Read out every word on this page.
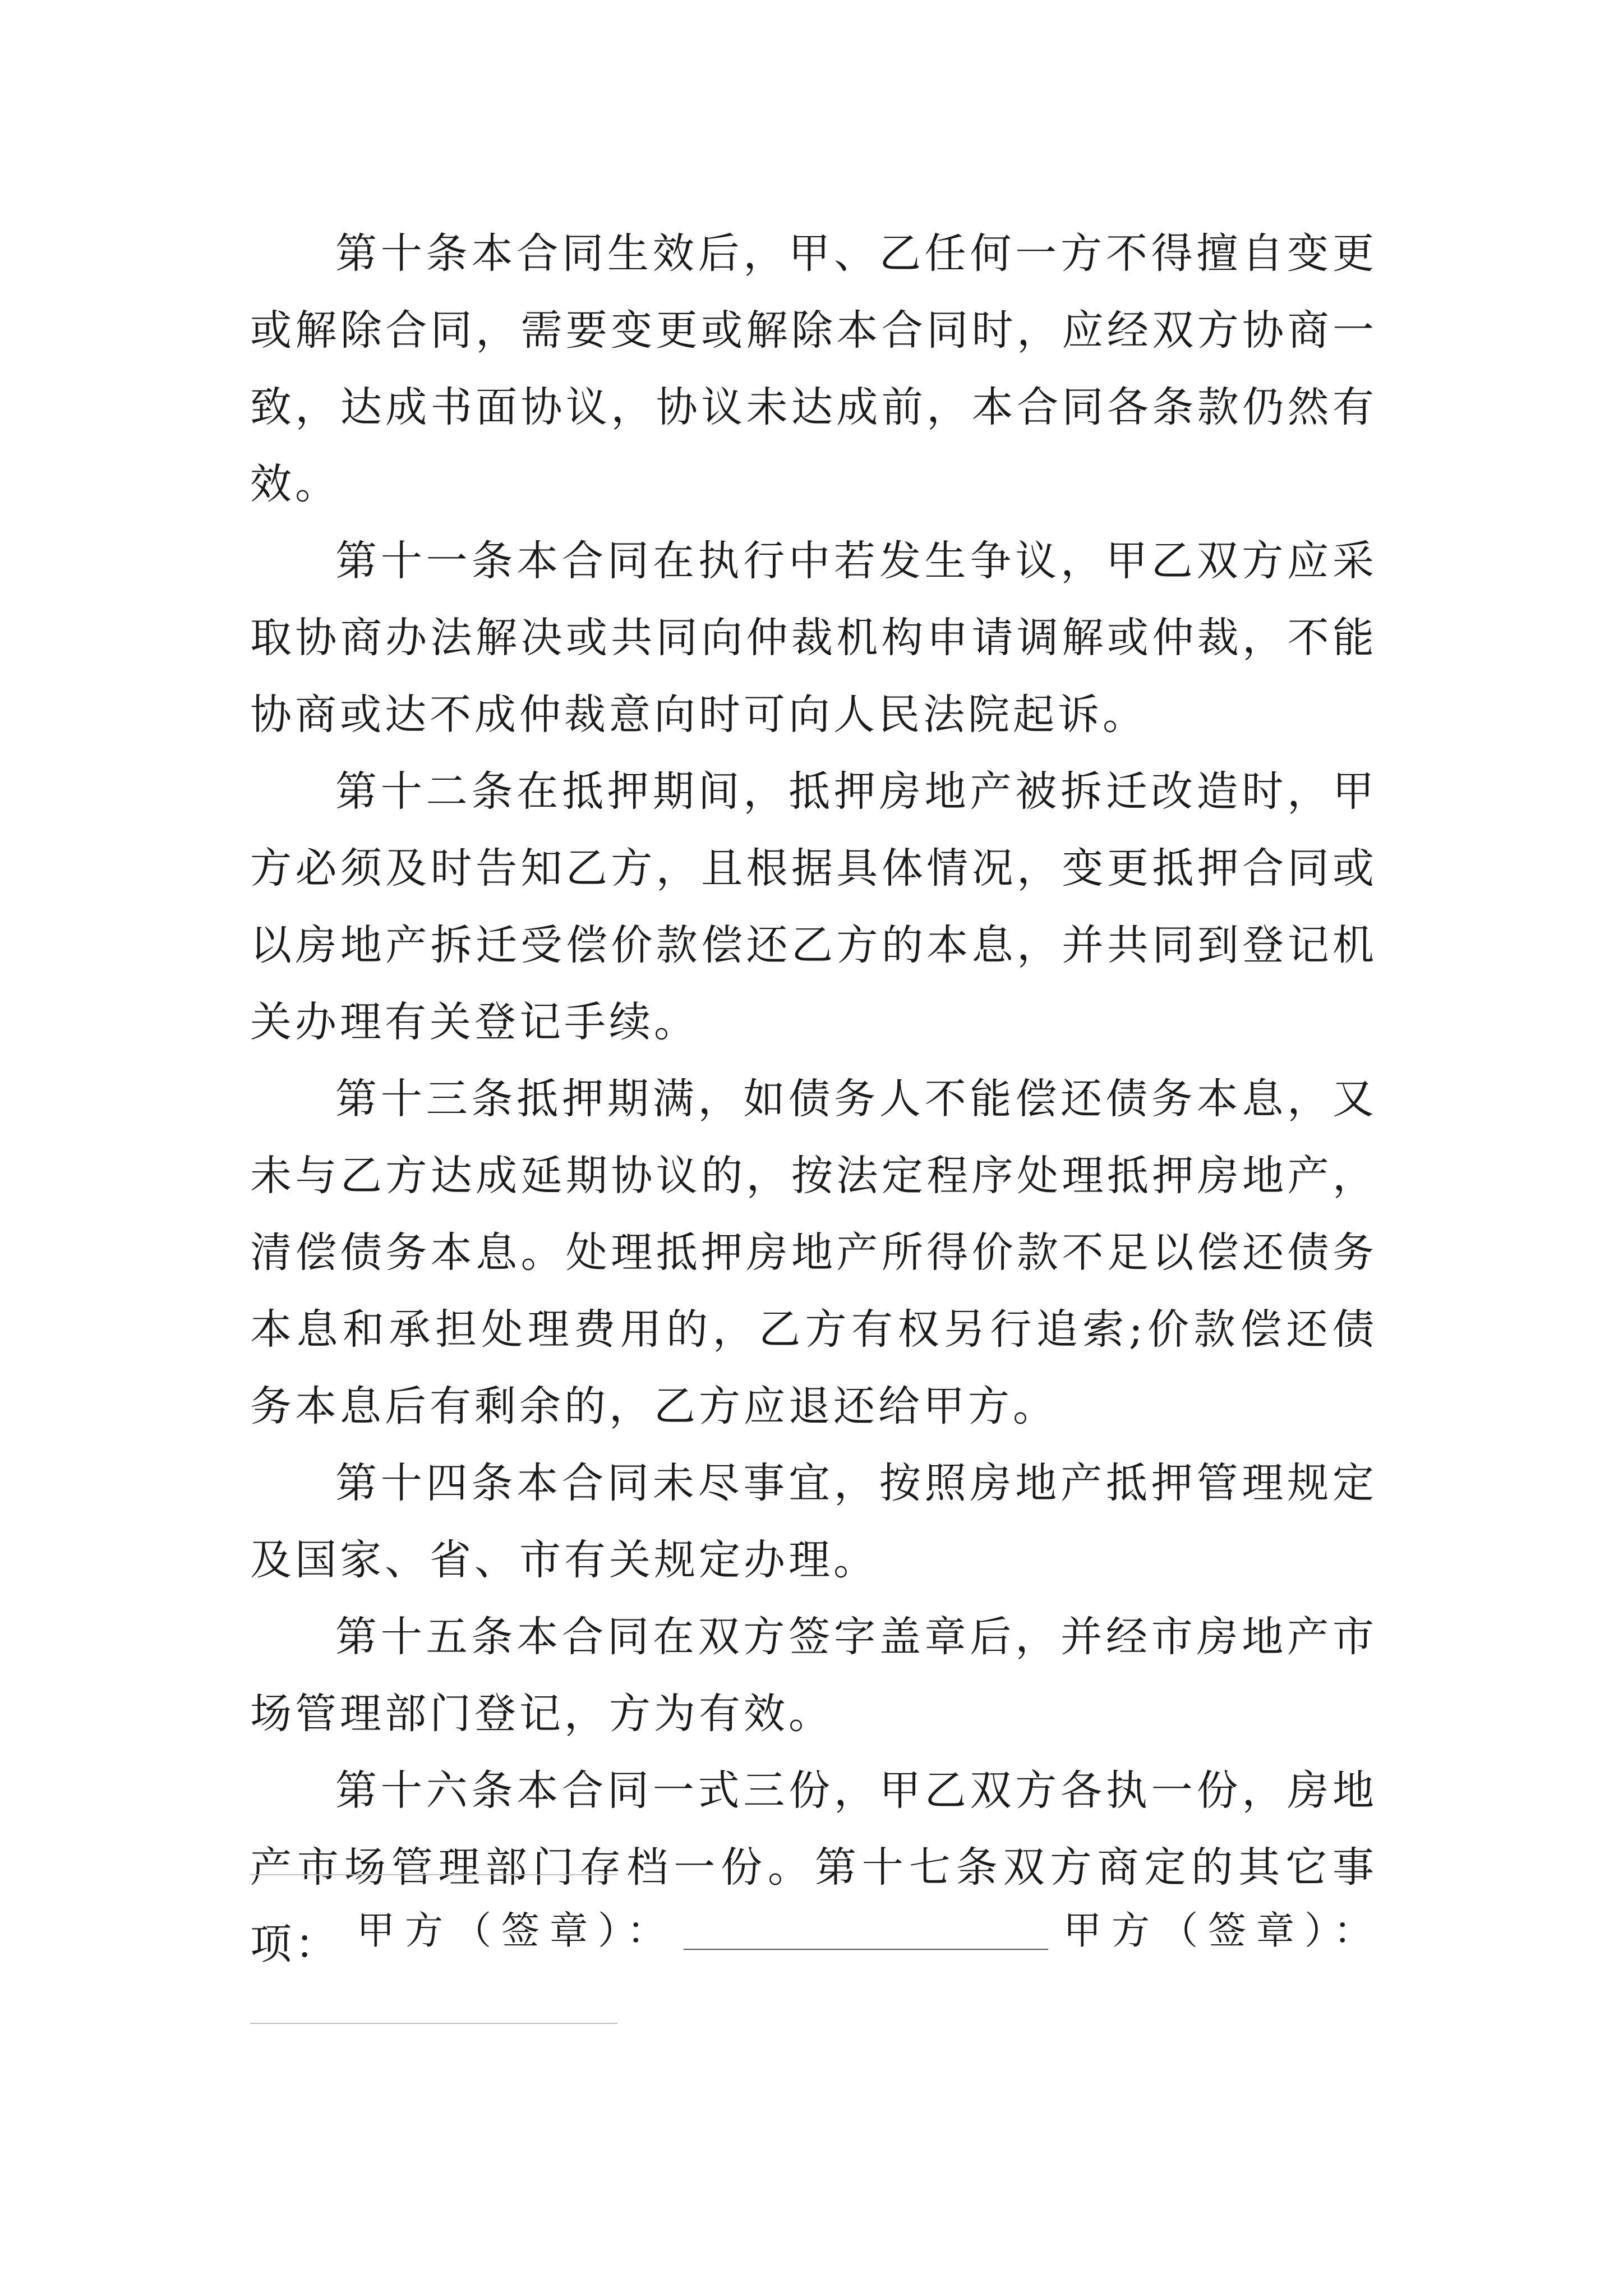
第十条本合同生效后，甲、乙任何一方不得擅自变更或解除合同，需要变更或解除本合同时，应经双方协商一致，达成书面协议，协议未达成前，本合同各条款仍然有效。

第十一条本合同在执行中若发生争议，甲乙双方应采取协商办法解决或共同向仲裁机构申请调解或仲裁，不能协商或达不成仲裁意向时可向人民法院起诉。

第十二条在抵押期间，抵押房地产被拆迁改造时，甲方必须及时告知乙方，且根据具体情况，变更抵押合同或以房地产拆迁受偿价款偿还乙方的本息，并共同到登记机关办理有关登记手续。

第十三条抵押期满，如债务人不能偿还债务本息，又未与乙方达成延期协议的，按法定程序处理抵押房地产，清偿债务本息。处理抵押房地产所得价款不足以偿还债务本息和承担处理费用的，乙方有权另行追索;价款偿还债务本息后有剩余的，乙方应退还给甲方。

第十四条本合同未尽事宜，按照房地产抵押管理规定及国家、省、市有关规定办理。

第十五条本合同在双方签字盖章后，并经市房地产市场管理部门登记，方为有效。

第十六条本合同一式三份，甲乙双方各执一份，房地产市场管理部门存档一份。第十七条双方商定的其它事项： 甲方（签章）：	甲方（签章）：
